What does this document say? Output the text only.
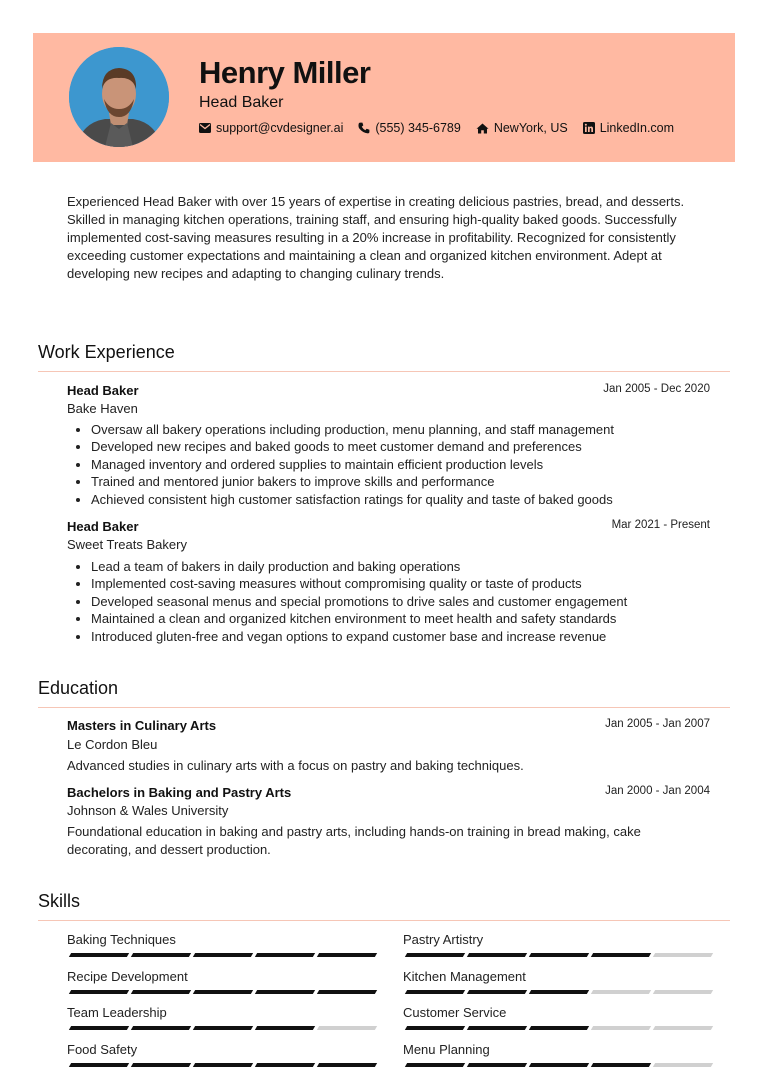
Henry Miller
Head Baker
support@cvdesigner.ai	(555) 345-6789	NewYork, US	LinkedIn.com
Experienced Head Baker with over 15 years of expertise in creating delicious pastries, bread, and desserts. Skilled in managing kitchen operations, training staff, and ensuring high-quality baked goods. Successfully implemented cost-saving measures resulting in a 20% increase in profitability. Recognized for consistently exceeding customer expectations and maintaining a clean and organized kitchen environment. Adept at developing new recipes and adapting to changing culinary trends.
Work Experience
Head Baker	Jan 2005 - Dec 2020
Bake Haven
• Oversaw all bakery operations including production, menu planning, and staff management
• Developed new recipes and baked goods to meet customer demand and preferences
• Managed inventory and ordered supplies to maintain efficient production levels
• Trained and mentored junior bakers to improve skills and performance
• Achieved consistent high customer satisfaction ratings for quality and taste of baked goods
Head Baker	Mar 2021 - Present
Sweet Treats Bakery
• Lead a team of bakers in daily production and baking operations
• Implemented cost-saving measures without compromising quality or taste of products
• Developed seasonal menus and special promotions to drive sales and customer engagement
• Maintained a clean and organized kitchen environment to meet health and safety standards
• Introduced gluten-free and vegan options to expand customer base and increase revenue
Education
Masters in Culinary Arts	Jan 2005 - Jan 2007
Le Cordon Bleu
Advanced studies in culinary arts with a focus on pastry and baking techniques.
Bachelors in Baking and Pastry Arts	Jan 2000 - Jan 2004
Johnson & Wales University
Foundational education in baking and pastry arts, including hands-on training in bread making, cake decorating, and dessert production.
Skills
Baking Techniques	Pastry Artistry
Recipe Development	Kitchen Management
Team Leadership	Customer Service
Food Safety	Menu Planning
